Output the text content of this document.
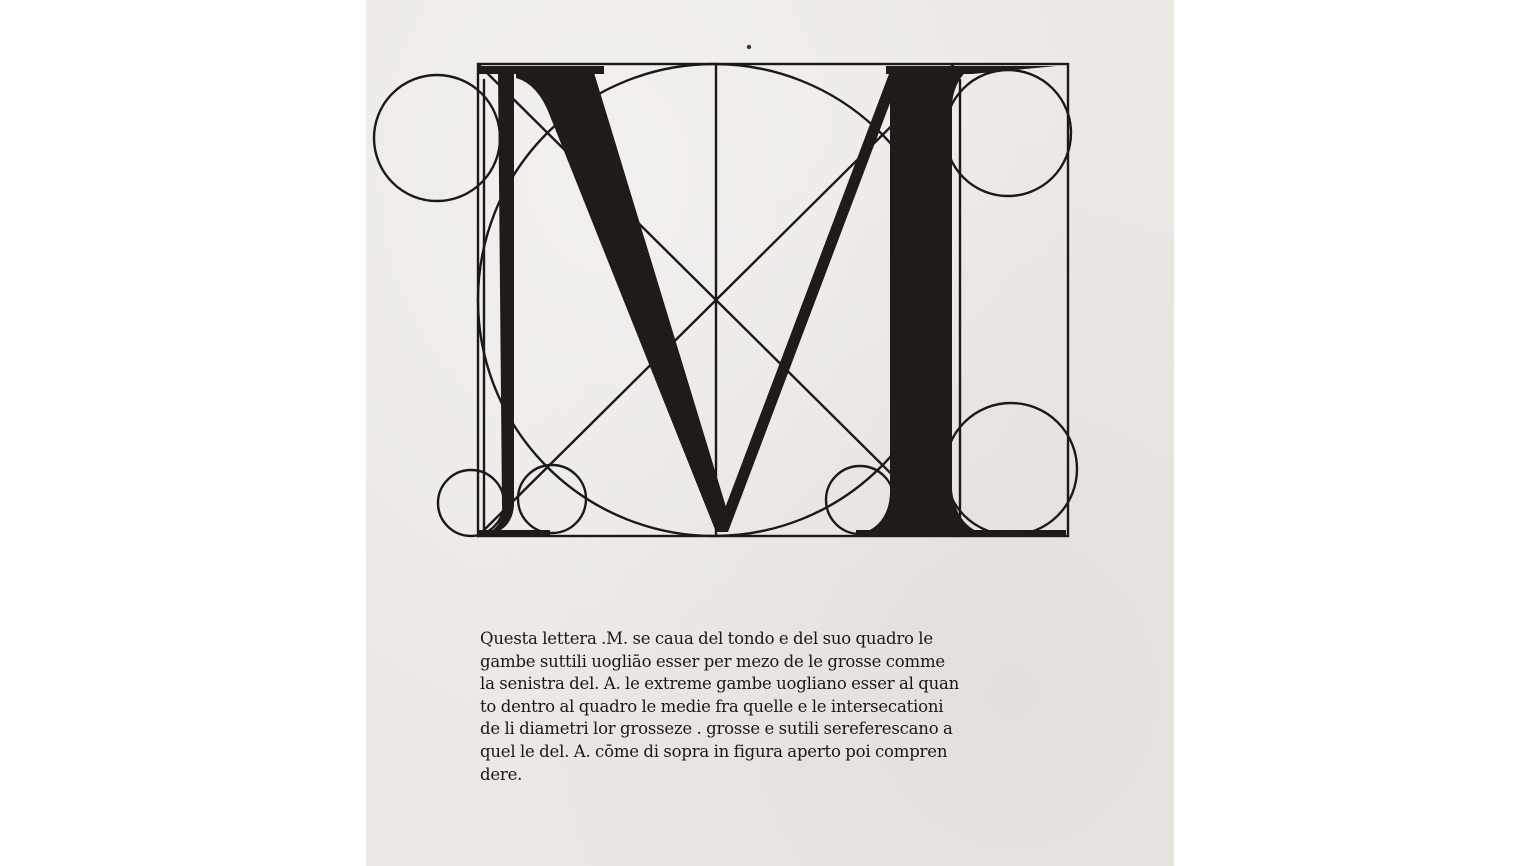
Questa lettera .M. se caua del tondo e del suo quadro le
gambe suttili uogliāo esser per mezo de le grosse comme
la senistra del. A. le extreme gambe uogliano esser al quan
to dentro al quadro le medie fra quelle e le intersecationi
de li diametri lor grosseze . grosse e sutili sereferescano a
quel le del. A. cōme di sopra in figura aperto poi compren
dere.
